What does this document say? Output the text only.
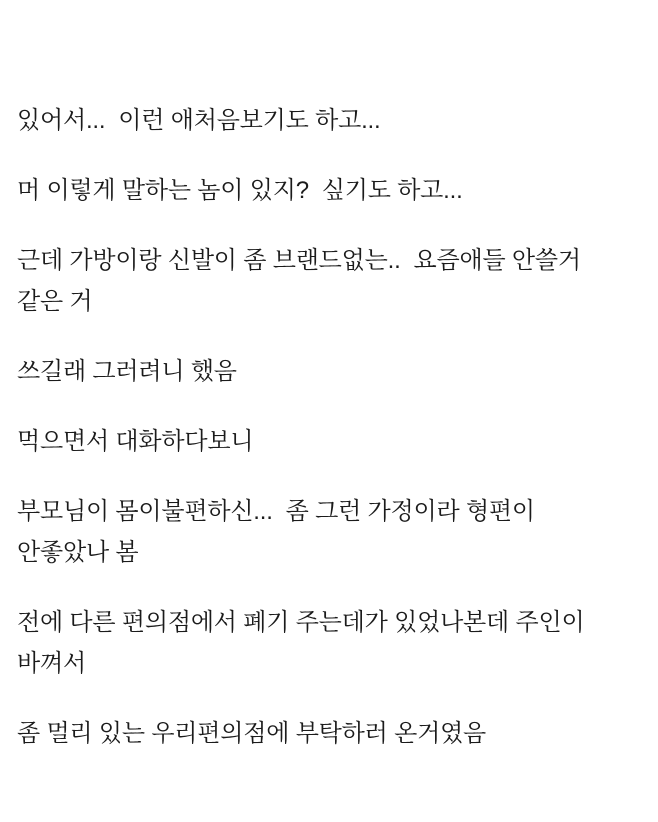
있어서...  이런 애처음보기도 하고...

머 이렇게 말하는 놈이 있지?  싶기도 하고...

근데 가방이랑 신발이 좀 브랜드없는..  요즘애들 안쓸거 같은 거

쓰길래 그러려니 했음

먹으면서 대화하다보니

부모님이 몸이불편하신...  좀 그런 가정이라 형편이 안좋았나 봄

전에 다른 편의점에서 폐기 주는데가 있었나본데 주인이 바껴서

좀 멀리 있는 우리편의점에 부탁하러 온거였음
